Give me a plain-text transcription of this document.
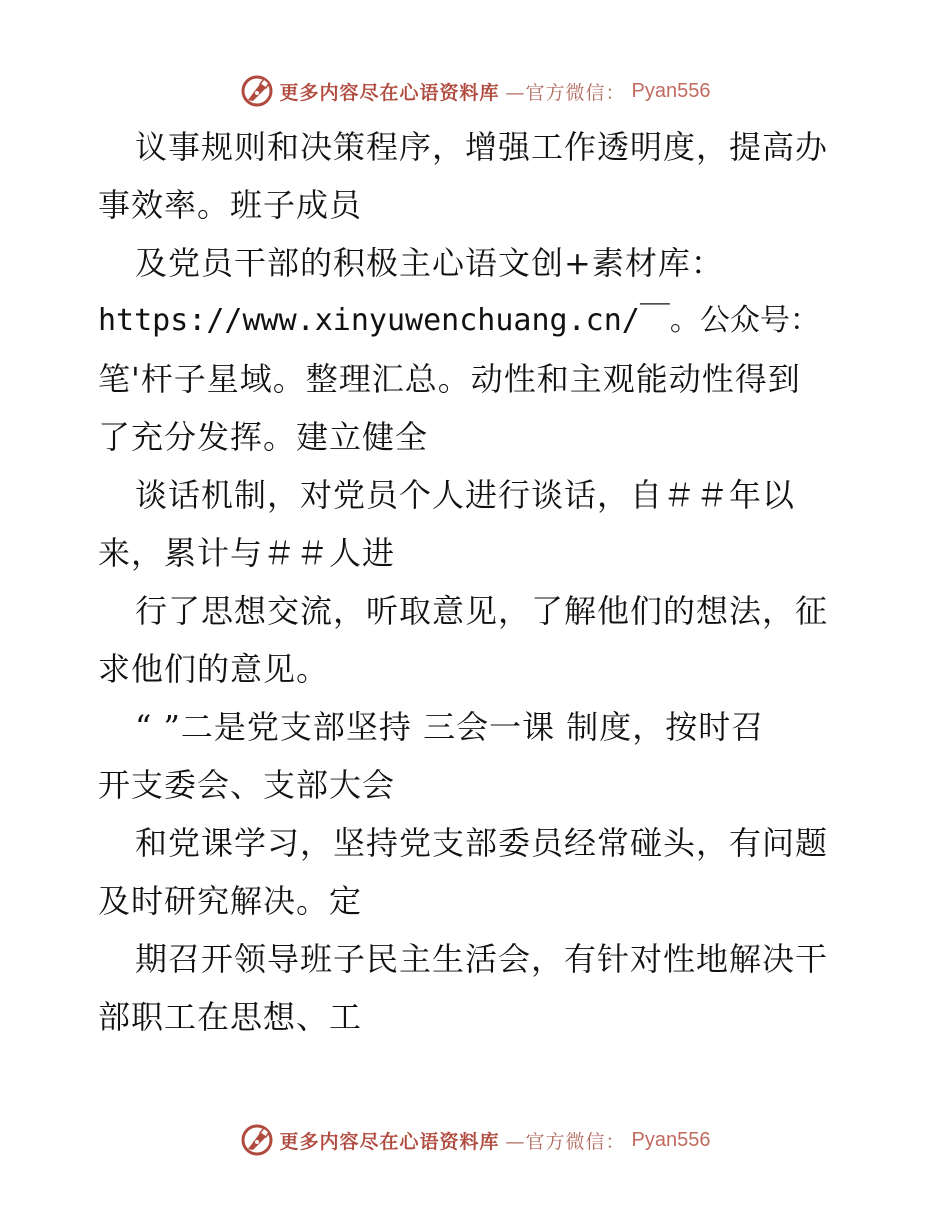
更多内容尽在心语资料库 —官方微信： Pyan556
议事规则和决策程序，增强工作透明度，提高办
事效率。班子成员
及党员干部的积极主心语文创+素材库：
https://www.xinyuwenchuang.cn/￣。公众号：
笔'杆子星域。整理汇总。动性和主观能动性得到
了充分发挥。建立健全
谈话机制，对党员个人进行谈话，自＃＃年以
来，累计与＃＃人进
行了思想交流，听取意见，了解他们的想法，征
求他们的意见。
“ ”二是党支部坚持 三会一课 制度，按时召
开支委会、支部大会
和党课学习，坚持党支部委员经常碰头，有问题
及时研究解决。定
期召开领导班子民主生活会，有针对性地解决干
部职工在思想、工
更多内容尽在心语资料库 —官方微信： Pyan556
